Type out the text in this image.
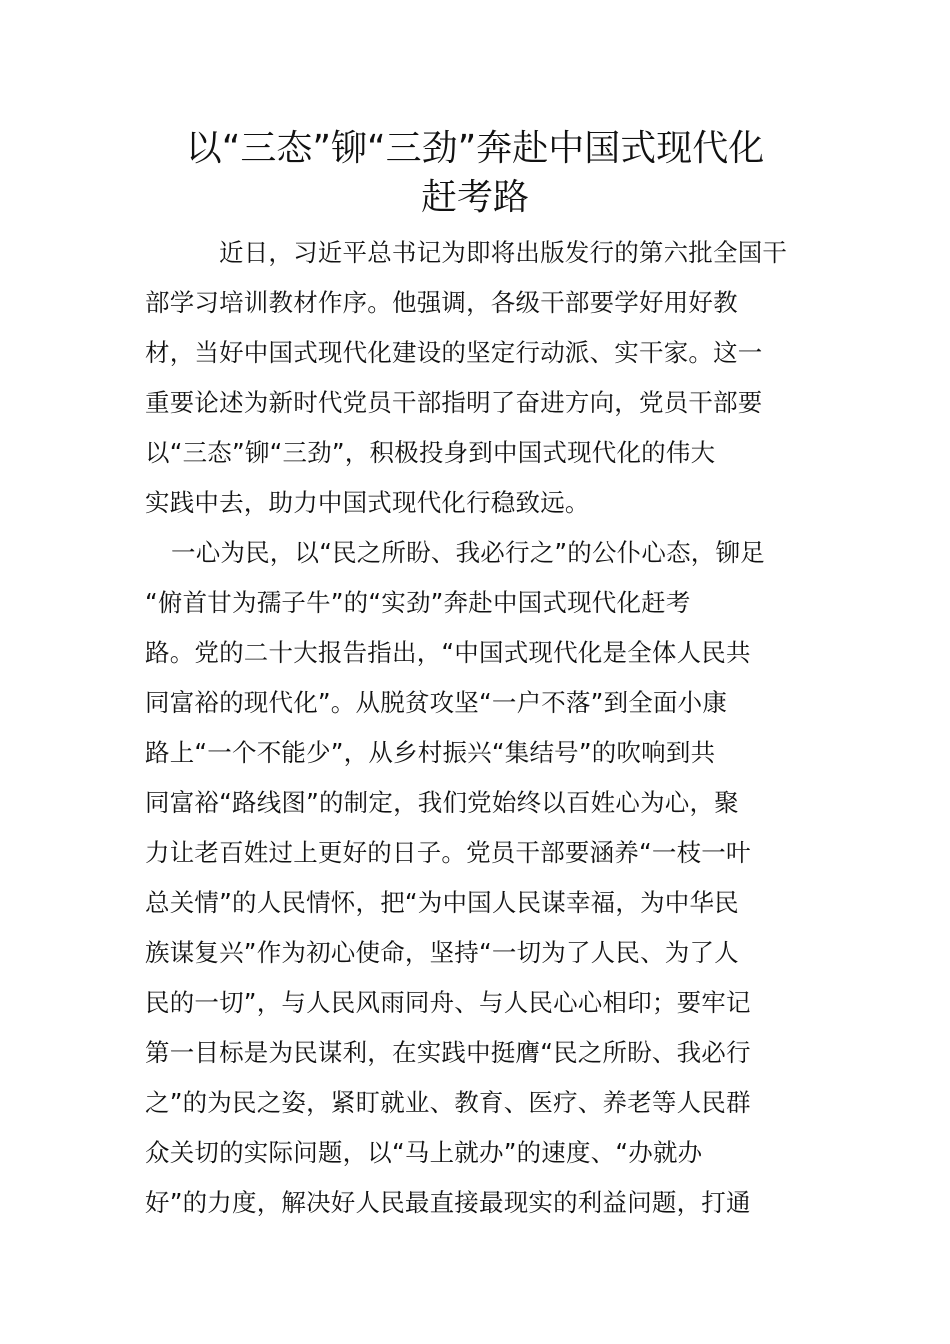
以“三态”铆“三劲”奔赴中国式现代化
赶考路
近日，习近平总书记为即将出版发行的第六批全国干
部学习培训教材作序。他强调，各级干部要学好用好教
材，当好中国式现代化建设的坚定行动派、实干家。这一
重要论述为新时代党员干部指明了奋进方向，党员干部要
以“三态”铆“三劲”，积极投身到中国式现代化的伟大
实践中去，助力中国式现代化行稳致远。
一心为民，以“民之所盼、我必行之”的公仆心态，铆足
“俯首甘为孺子牛”的“实劲”奔赴中国式现代化赶考
路。党的二十大报告指出，“中国式现代化是全体人民共
同富裕的现代化”。从脱贫攻坚“一户不落”到全面小康
路上“一个不能少”，从乡村振兴“集结号”的吹响到共
同富裕“路线图”的制定，我们党始终以百姓心为心，聚
力让老百姓过上更好的日子。党员干部要涵养“一枝一叶
总关情”的人民情怀，把“为中国人民谋幸福，为中华民
族谋复兴”作为初心使命，坚持“一切为了人民、为了人
民的一切”，与人民风雨同舟、与人民心心相印；要牢记
第一目标是为民谋利，在实践中挺膺“民之所盼、我必行
之”的为民之姿，紧盯就业、教育、医疗、养老等人民群
众关切的实际问题，以“马上就办”的速度、“办就办
好”的力度，解决好人民最直接最现实的利益问题，打通
